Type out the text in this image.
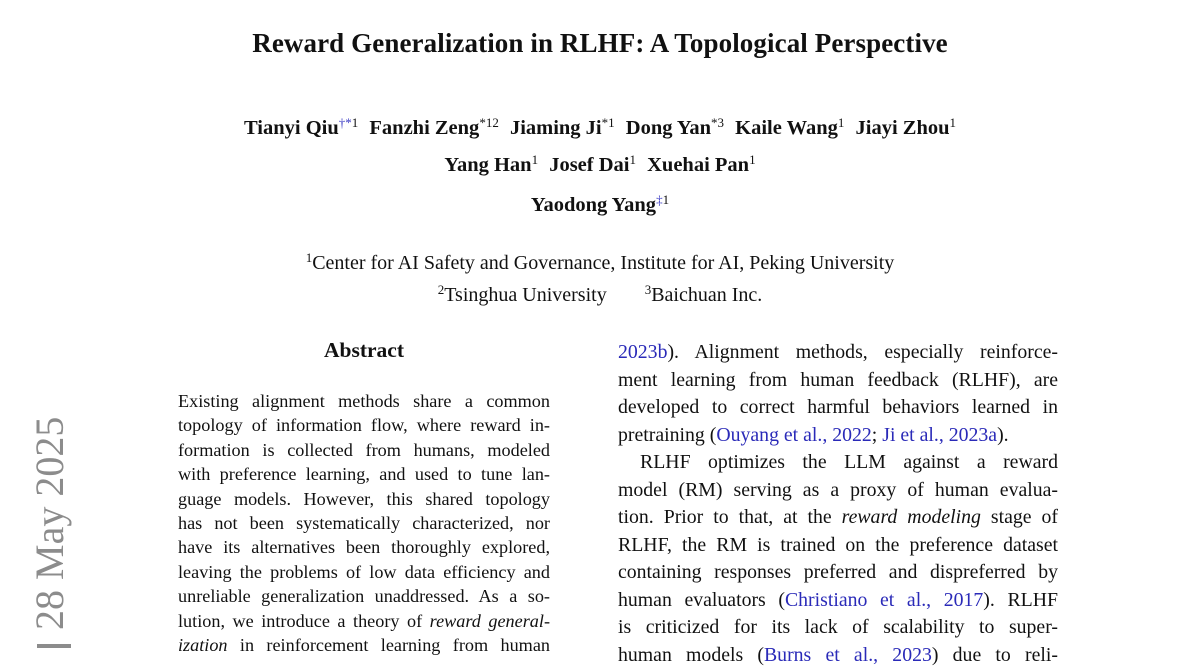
28 May 2025
Reward Generalization in RLHF: A Topological Perspective
Tianyi Qiu$^{\dagger*1}$ Fanzhi Zeng$^{*12}$ Jiaming Ji$^{*1}$ Dong Yan$^{*3}$ Kaile Wang$^1$ Jiayi Zhou$^1$
Yang Han$^1$ Josef Dai$^1$ Xuehai Pan$^1$
Yaodong Yang$^{\ddagger 1}$
$^1$Center for AI Safety and Governance, Institute for AI, Peking University
$^2$Tsinghua University	$^3$Baichuan Inc.
Abstract
Existing alignment methods share a common
topology of information flow, where reward in-
formation is collected from humans, modeled
with preference learning, and used to tune lan-
guage models. However, this shared topology
has not been systematically characterized, nor
have its alternatives been thoroughly explored,
leaving the problems of low data efficiency and
unreliable generalization unaddressed. As a so-
lution, we introduce a theory of reward general-
ization in reinforcement learning from human
2023b). Alignment methods, especially reinforce-
ment learning from human feedback (RLHF), are
developed to correct harmful behaviors learned in
pretraining (Ouyang et al., 2022; Ji et al., 2023a).
RLHF optimizes the LLM against a reward
model (RM) serving as a proxy of human evalua-
tion. Prior to that, at the reward modeling stage of
RLHF, the RM is trained on the preference dataset
containing responses preferred and dispreferred by
human evaluators (Christiano et al., 2017). RLHF
is criticized for its lack of scalability to super-
human models (Burns et al., 2023) due to reli-
